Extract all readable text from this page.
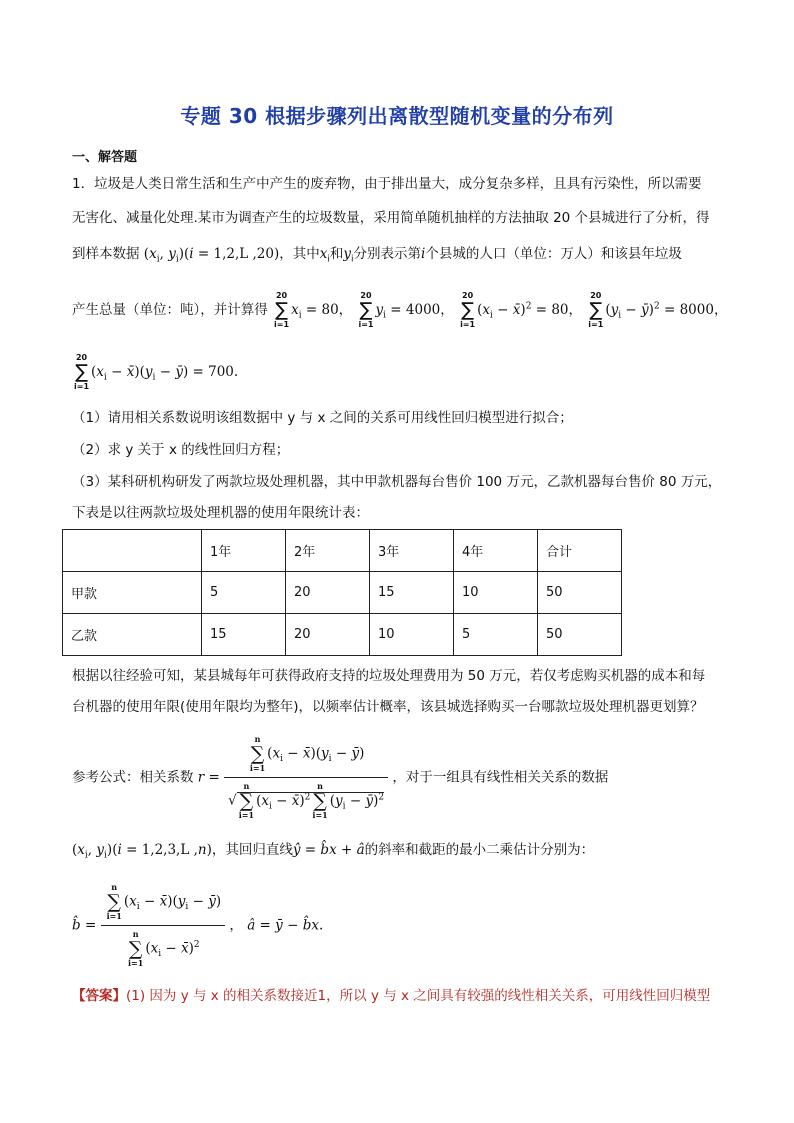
专题 30 根据步骤列出离散型随机变量的分布列
一、解答题
1．垃圾是人类日常生活和生产中产生的废弃物，由于排出量大，成分复杂多样，且具有污染性，所以需要
无害化、减量化处理.某市为调查产生的垃圾数量，采用简单随机抽样的方法抽取 20 个县城进行了分析，得
到样本数据 ($x_i$, $y_i)(i = 1,2,L$ ,20)，其中$x_i$和$y_i$分别表示第i个县城的人口（单位：万人）和该县年垃圾
产生总量（单位：吨），并计算得
20
∑
i=1
$x_i = 80$，
20
∑
i=1
$y_i = 4000$，
20
∑
i=1
($x_i$ − x̄)$^2$ = 80，
20
∑
i=1
($y_i$ − ȳ)$^2$ = 8000，
20
∑
i=1
($x_i$ − $x̄)(y_i$ − ȳ) = 700.
（1）请用相关系数说明该组数据中 y 与 x 之间的关系可用线性回归模型进行拟合；
（2）求 y 关于 x 的线性回归方程；
（3）某科研机构研发了两款垃圾处理机器，其中甲款机器每台售价 100 万元，乙款机器每台售价 80 万元，
下表是以往两款垃圾处理机器的使用年限统计表：
	1年	2年	3年	4年	合计
甲款	5	20	15	10	50
乙款	15	20	10	5	50
根据以往经验可知，某县城每年可获得政府支持的垃圾处理费用为 50 万元，若仅考虑购买机器的成本和每
台机器的使用年限(使用年限均为整年)，以频率估计概率，该县城选择购买一台哪款垃圾处理机器更划算？
参考公式：相关系数 r = n
∑
i=1
($x_i$ − $x̄)(y_i$ − ȳ)
√
n
∑
i=1
($x_i$ − x̄)$^2$
n
∑
i=1
($y_i$ − ȳ)$^2$ ，对于一组具有线性相关关系的数据
($x_i$, $y_i)(i = 1,2,3,L$ ,n)，其回归直线ŷ = b̂x + â的斜率和截距的最小二乘估计分别为：
b̂ = n
∑
i=1
($x_i$ − $x̄)(y_i$ − ȳ)
n
∑
i=1
($x_i$ − x̄)$^2$ ， â = ȳ − b̂x.
【答案】(1) 因为 y 与 x 的相关系数接近1，所以 y 与 x 之间具有较强的线性相关关系，可用线性回归模型
